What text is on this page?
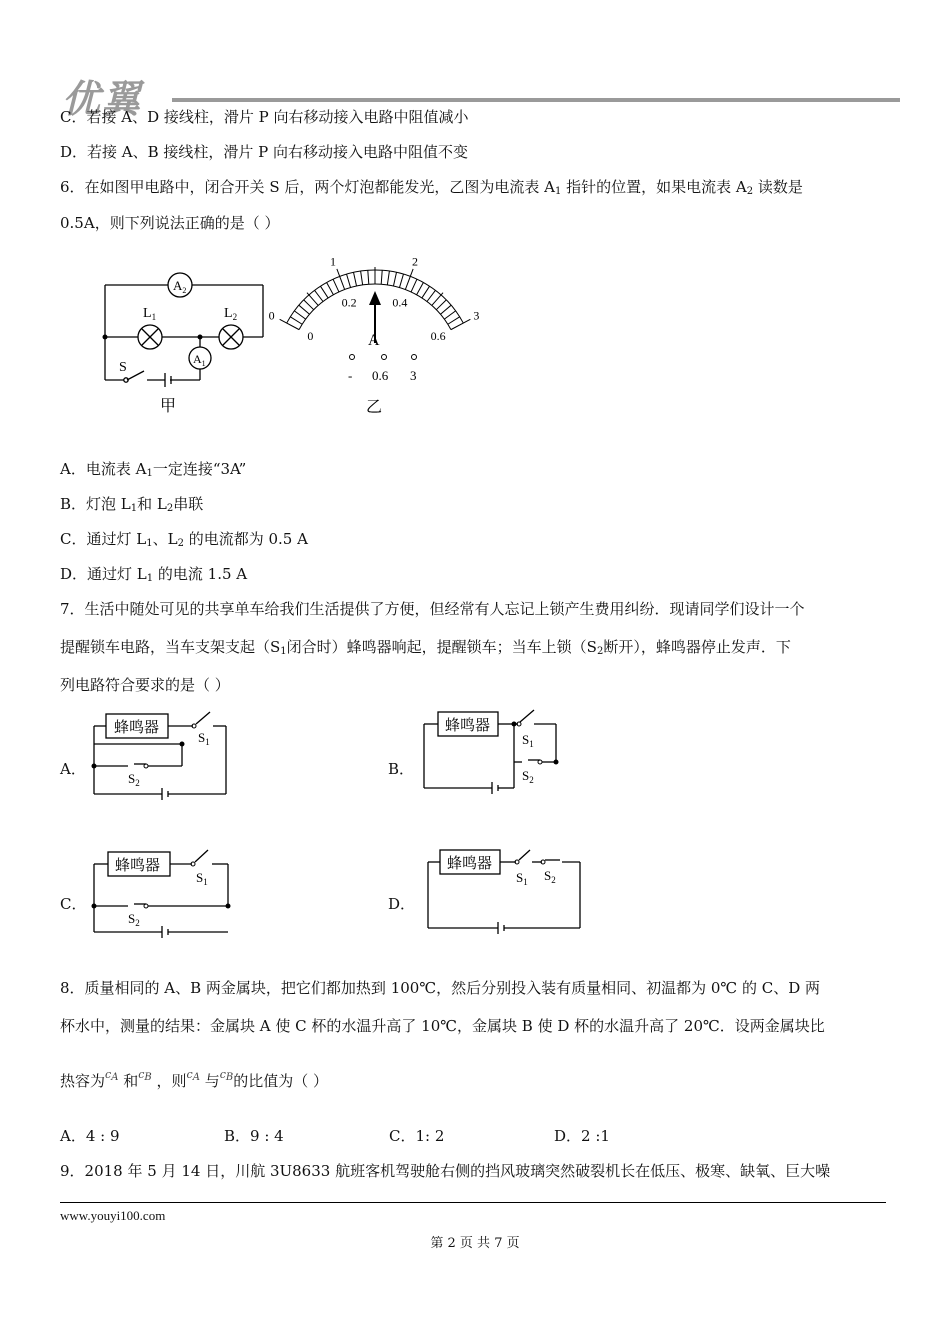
优翼
C．若接 A、D 接线柱，滑片 P 向右移动接入电路中阻值减小
D．若接 A、B 接线柱，滑片 P 向右移动接入电路中阻值不变
6．在如图甲电路中，闭合开关 S 后，两个灯泡都能发光，乙图为电流表 $A_1$ 指针的位置，如果电流表 $A_2$ 读数是
0.5A，则下列说法正确的是（ ）
$A_2$
$A_1$
$L_1$	$L_2$
S
甲
0
1	2
3
0
0.2	0.4
0.6
A
- 0.6 3
乙
A．电流表 $A_1$一定连接“3A”
B．灯泡 $L_1$和 $L_2$串联
C．通过灯 $L_1$、$L_2$ 的电流都为 0.5 A
D．通过灯 $L_1$ 的电流 1.5 A
7．生活中随处可见的共享单车给我们生活提供了方便，但经常有人忘记上锁产生费用纠纷．现请同学们设计一个
提醒锁车电路，当车支架支起（$S_1$闭合时）蜂鸣器响起，提醒锁车；当车上锁（$S_2$断开），蜂鸣器停止发声．下
列电路符合要求的是（ ）
A．	B．
C．	D．
蜂鸣器
$S_1$
$S_2$
蜂鸣器
$S_1$
$S_2$
蜂鸣器
$S_1$
$S_2$
蜂鸣器
$S_1$ $S_2$
8．质量相同的 A、B 两金属块，把它们都加热到 100℃，然后分别投入装有质量相同、初温都为 0℃ 的 C、D 两
杯水中，测量的结果：金属块 A 使 C 杯的水温升高了 10℃，金属块 B 使 D 杯的水温升高了 20℃．设两金属块比
热容为$^{c_A}$ 和$^{c_B}$ ，则$^{c_A}$ 与$^{c_B}$的比值为（ ）
A．4 : 9	B．9 : 4	C．1: 2	D．2 :1
9．2018 年 5 月 14 日，川航 3U8633 航班客机驾驶舱右侧的挡风玻璃突然破裂机长在低压、极寒、缺氧、巨大噪
www.youyi100.com
第 2 页 共 7 页
